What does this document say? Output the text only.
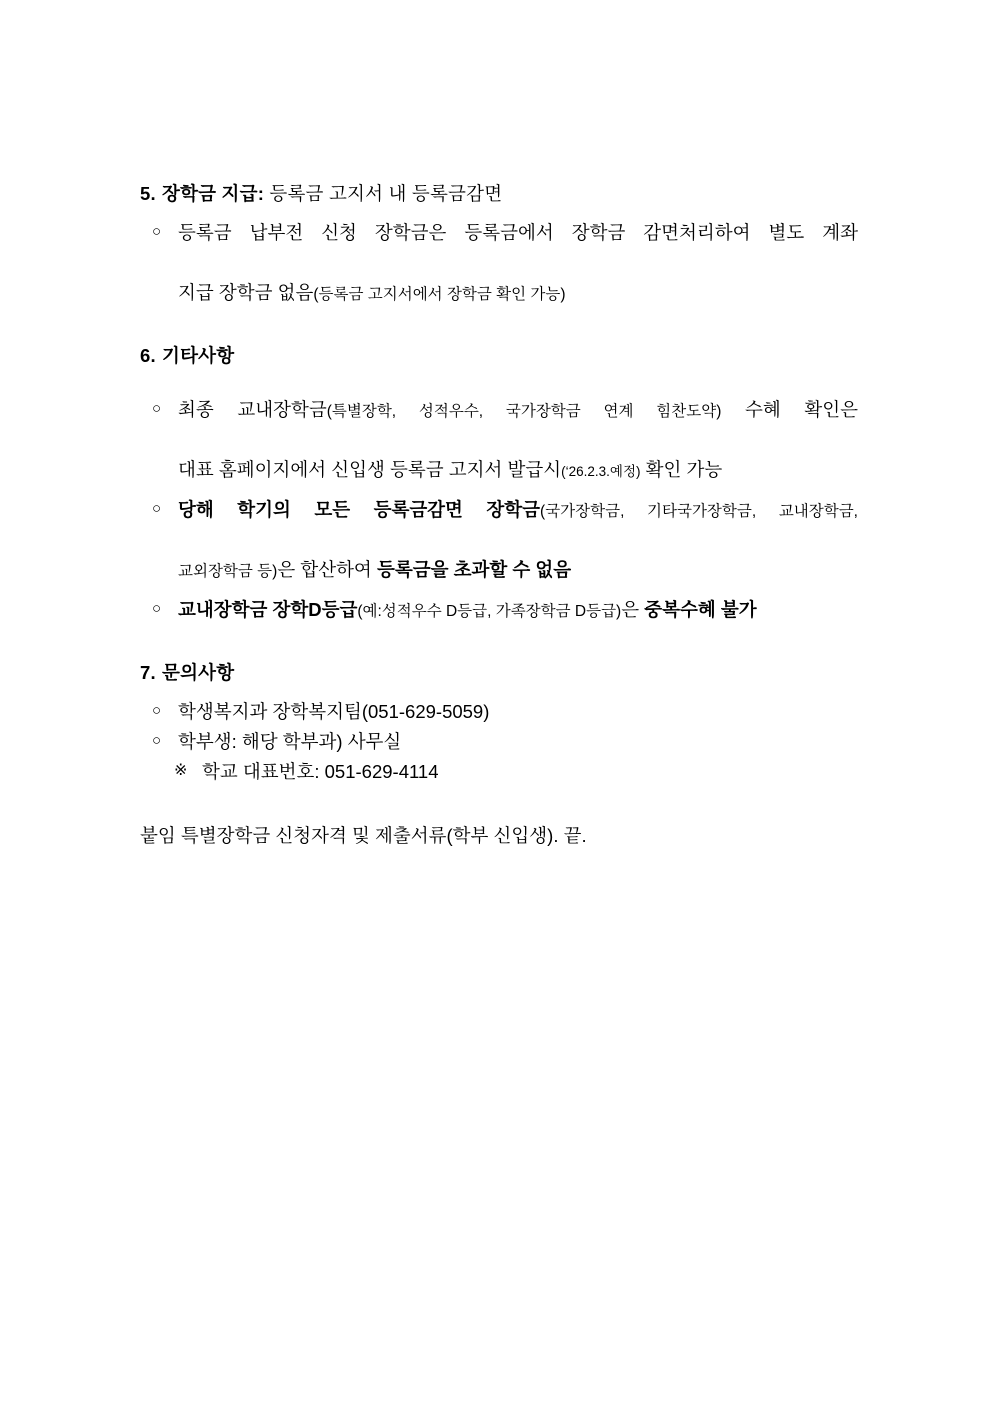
5. 장학금 지급: 등록금 고지서 내 등록금감면

○ 등록금 납부전 신청 장학금은 등록금에서 장학금 감면처리하여 별도 계좌 지급 장학금 없음(등록금 고지서에서 장학금 확인 가능)

6. 기타사항

○ 최종 교내장학금(특별장학, 성적우수, 국가장학금 연계 힘찬도약) 수혜 확인은 대표 홈페이지에서 신입생 등록금 고지서 발급시(‘26.2.3.예정) 확인 가능

○ 당해 학기의 모든 등록금감면 장학금(국가장학금, 기타국가장학금, 교내장학금, 교외장학금 등)은 합산하여 등록금을 초과할 수 없음

○ 교내장학금 장학D등급(예:성적우수 D등급, 가족장학금 D등급)은 중복수혜 불가

7. 문의사항

○ 학생복지과 장학복지팀(051-629-5059)

○ 학부생: 해당 학부과) 사무실

※ 학교 대표번호: 051-629-4114

붙임 특별장학금 신청자격 및 제출서류(학부 신입생). 끝.
